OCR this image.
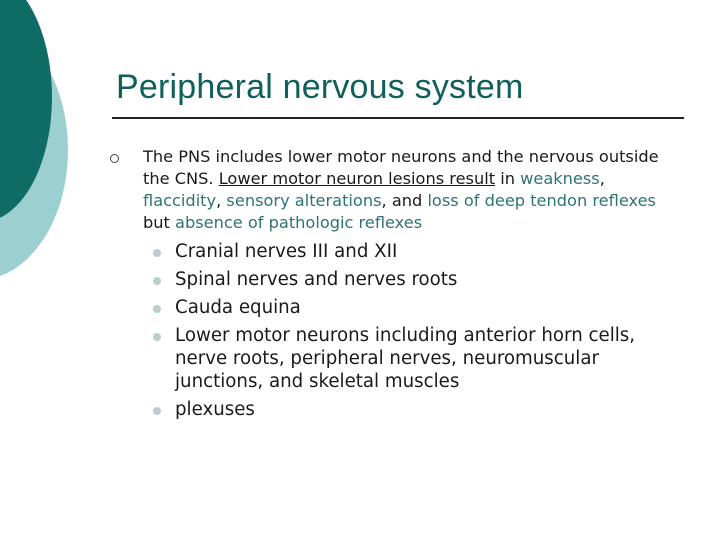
Peripheral nervous system
The PNS includes lower motor neurons and the nervous outside the CNS. Lower motor neuron lesions result in weakness, flaccidity, sensory alterations, and loss of deep tendon reflexes but absence of pathologic reflexes
Cranial nerves III and XII
Spinal nerves and nerves roots
Cauda equina
Lower motor neurons including anterior horn cells, nerve roots, peripheral nerves, neuromuscular junctions, and skeletal muscles
plexuses
